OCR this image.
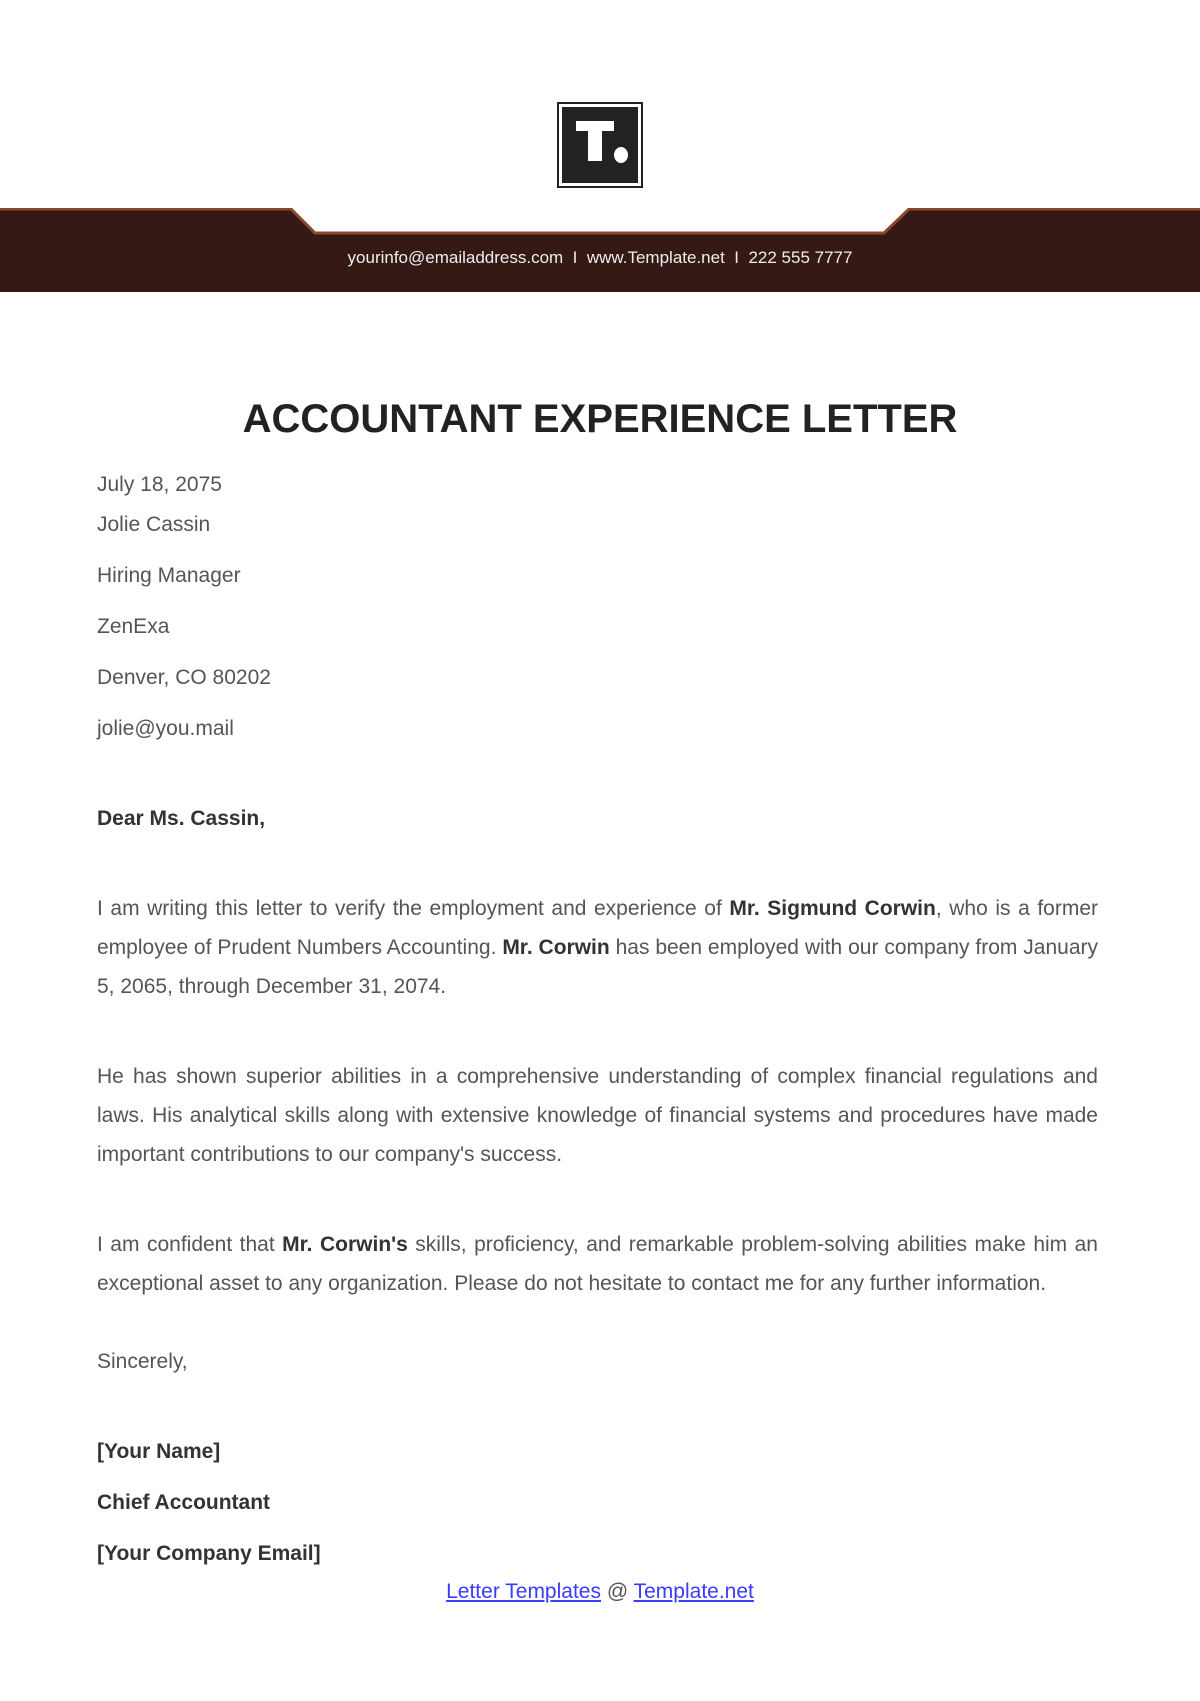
yourinfo@emailaddress.com I www.Template.net I 222 555 7777
ACCOUNTANT EXPERIENCE LETTER
July 18, 2075
Jolie Cassin
Hiring Manager
ZenExa
Denver, CO 80202
jolie@you.mail
Dear Ms. Cassin,
I am writing this letter to verify the employment and experience of Mr. Sigmund Corwin, who is a former employee of Prudent Numbers Accounting. Mr. Corwin has been employed with our company from January 5, 2065, through December 31, 2074.
He has shown superior abilities in a comprehensive understanding of complex financial regulations and laws. His analytical skills along with extensive knowledge of financial systems and procedures have made important contributions to our company's success.
I am confident that Mr. Corwin's skills, proficiency, and remarkable problem-solving abilities make him an exceptional asset to any organization. Please do not hesitate to contact me for any further information.
Sincerely,
[Your Name]
Chief Accountant
[Your Company Email]
Letter Templates @ Template.net
